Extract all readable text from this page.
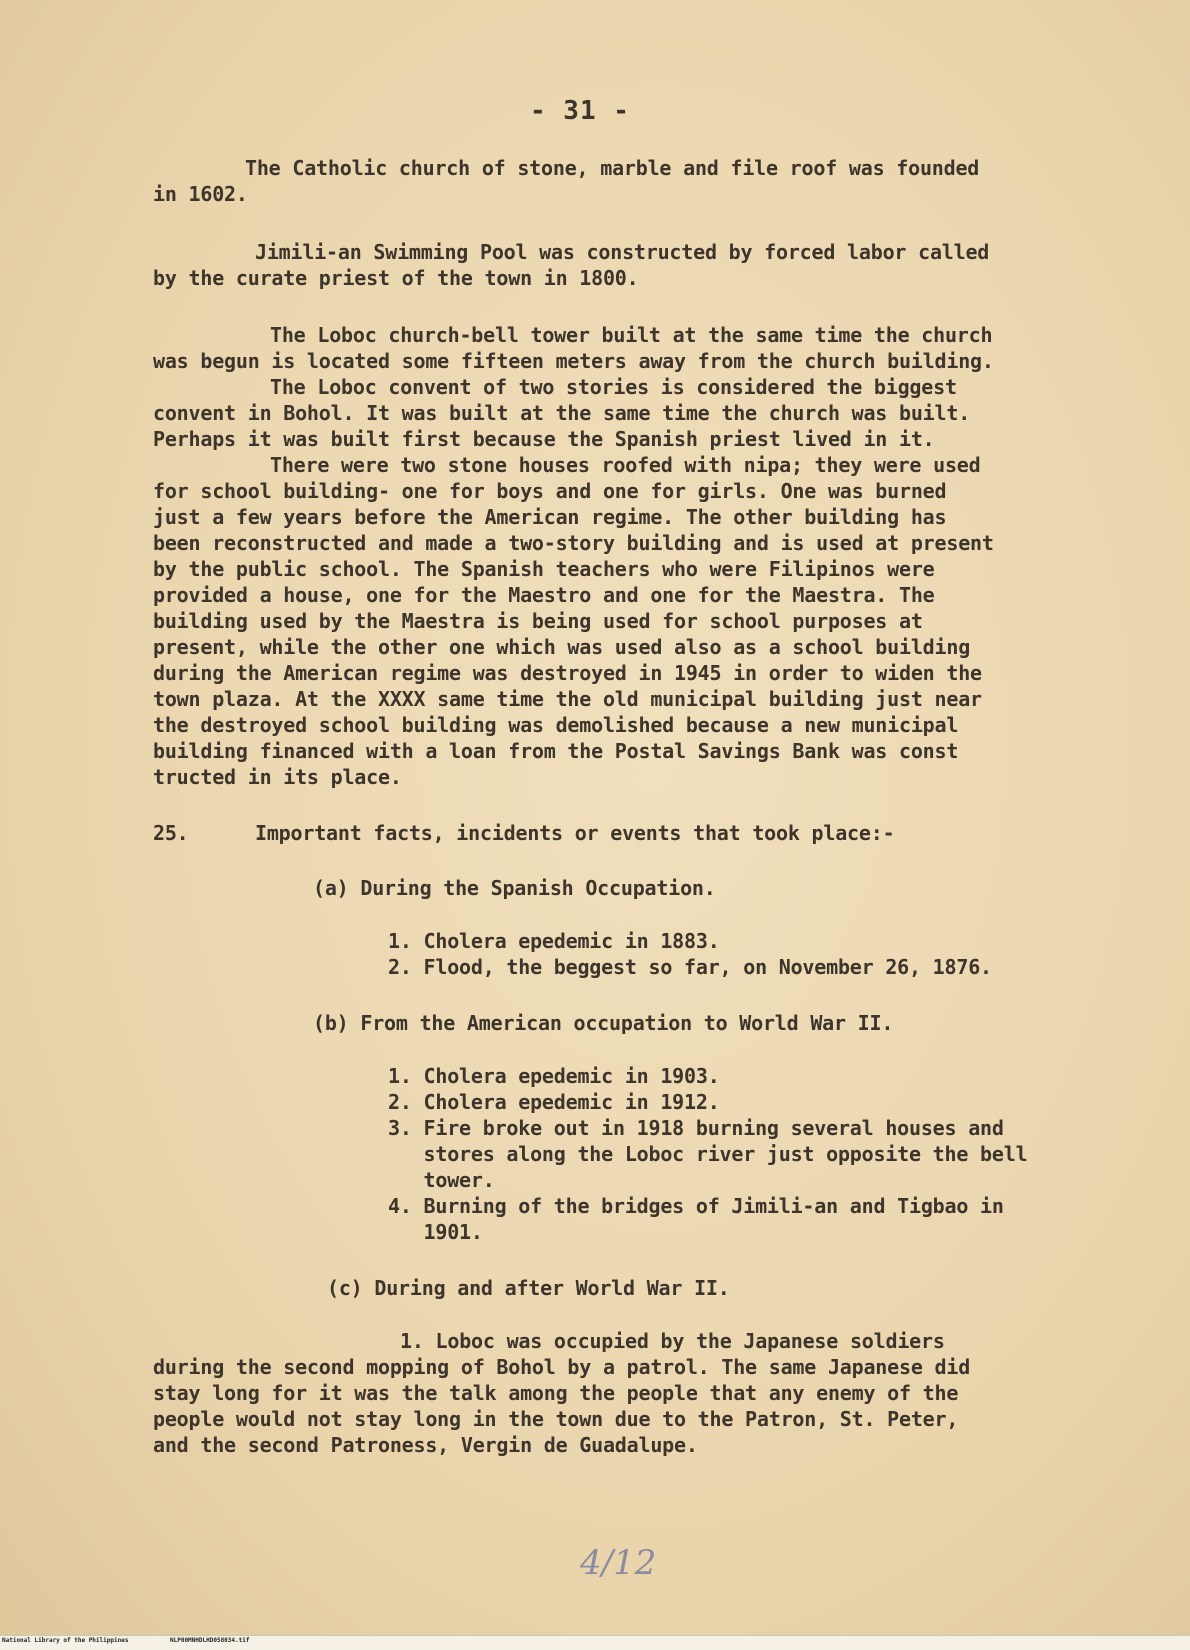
- 31 -
The Catholic church of stone, marble and file roof was founded
in 1602.
Jimili-an Swimming Pool was constructed by forced labor called
by the curate priest of the town in 1800.
The Loboc church-bell tower built at the same time the church
was begun is located some fifteen meters away from the church building.
The Loboc convent of two stories is considered the biggest
convent in Bohol. It was built at the same time the church was built.
Perhaps it was built first because the Spanish priest lived in it.
There were two stone houses roofed with nipa; they were used
for school building- one for boys and one for girls. One was burned
just a few years before the American regime. The other building has
been reconstructed and made a two-story building and is used at present
by the public school. The Spanish teachers who were Filipinos were
provided a house, one for the Maestro and one for the Maestra. The
building used by the Maestra is being used for school purposes at
present, while the other one which was used also as a school building
during the American regime was destroyed in 1945 in order to widen the
town plaza. At the XXXX same time the old municipal building just near
the destroyed school building was demolished because a new municipal
building financed with a loan from the Postal Savings Bank was const
tructed in its place.
25.	Important facts, incidents or events that took place:-
(a) During the Spanish Occupation.
1. Cholera epedemic in 1883.
2. Flood, the beggest so far, on November 26, 1876.
(b) From the American occupation to World War II.
1. Cholera epedemic in 1903.
2. Cholera epedemic in 1912.
3. Fire broke out in 1918 burning several houses and
stores along the Loboc river just opposite the bell
tower.
4. Burning of the bridges of Jimili-an and Tigbao in
1901.
(c) During and after World War II.
1. Loboc was occupied by the Japanese soldiers
during the second mopping of Bohol by a patrol. The same Japanese did
stay long for it was the talk among the people that any enemy of the
people would not stay long in the town due to the Patron, St. Peter,
and the second Patroness, Vergin de Guadalupe.
4/12
National Library of the Philippines	NLP00MNHDLHD058034.tif
